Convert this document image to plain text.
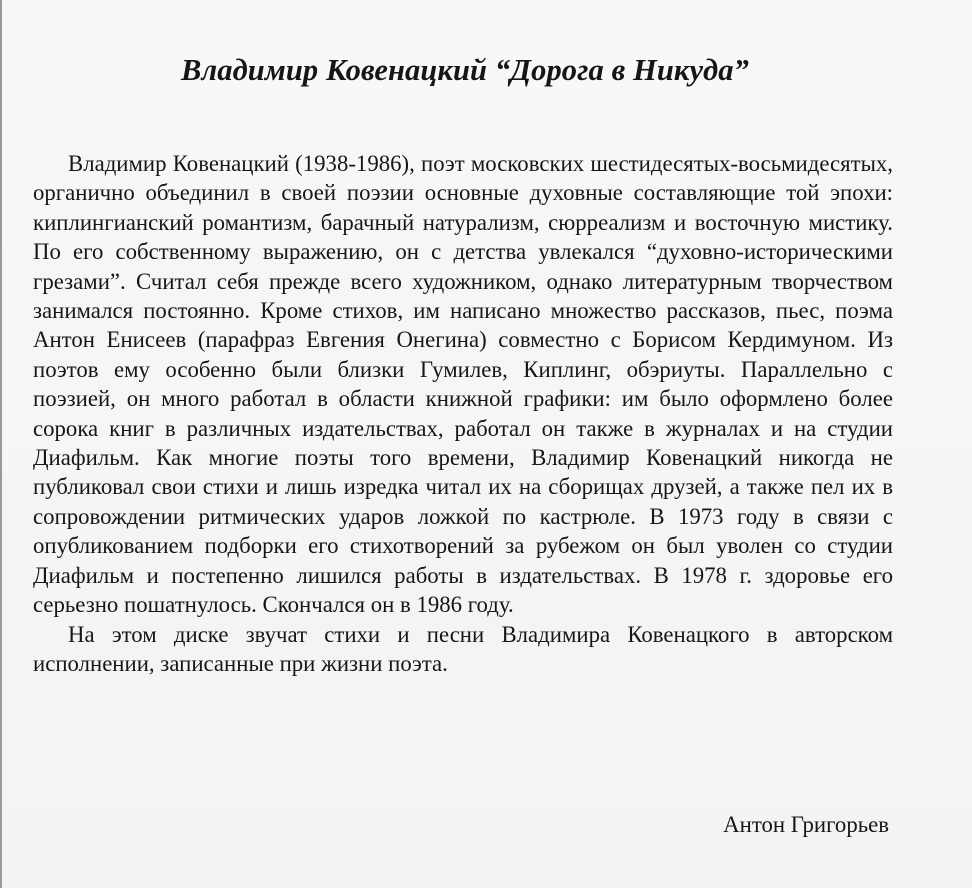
Владимир Ковенацкий “Дорога в Никуда”

Владимир Ковенацкий (1938-1986), поэт московских шестидесятых-восьмидесятых, органично объединил в своей поэзии основные духовные составляющие той эпохи: киплингианский романтизм, барачный натурализм, сюрреализм и восточную мистику. По его собственному выражению, он с детства увлекался “духовно-историческими грезами”. Считал себя прежде всего художником, однако литературным творчеством занимался постоянно. Кроме стихов, им написано множество рассказов, пьес, поэма Антон Енисеев (парафраз Евгения Онегина) совместно с Борисом Кердимуном. Из поэтов ему особенно были близки Гумилев, Киплинг, обэриуты. Параллельно с поэзией, он много работал в области книжной графики: им было оформлено более сорока книг в различных издательствах, работал он также в журналах и на студии Диафильм. Как многие поэты того времени, Владимир Ковенацкий никогда не публиковал свои стихи и лишь изредка читал их на сборищах друзей, а также пел их в сопровождении ритмических ударов ложкой по кастрюле. В 1973 году в связи с опубликованием подборки его стихотворений за рубежом он был уволен со студии Диафильм и постепенно лишился работы в издательствах. В 1978 г. здоровье его серьезно пошатнулось. Скончался он в 1986 году.

На этом диске звучат стихи и песни Владимира Ковенацкого в авторском исполнении, записанные при жизни поэта.

Антон Григорьев
